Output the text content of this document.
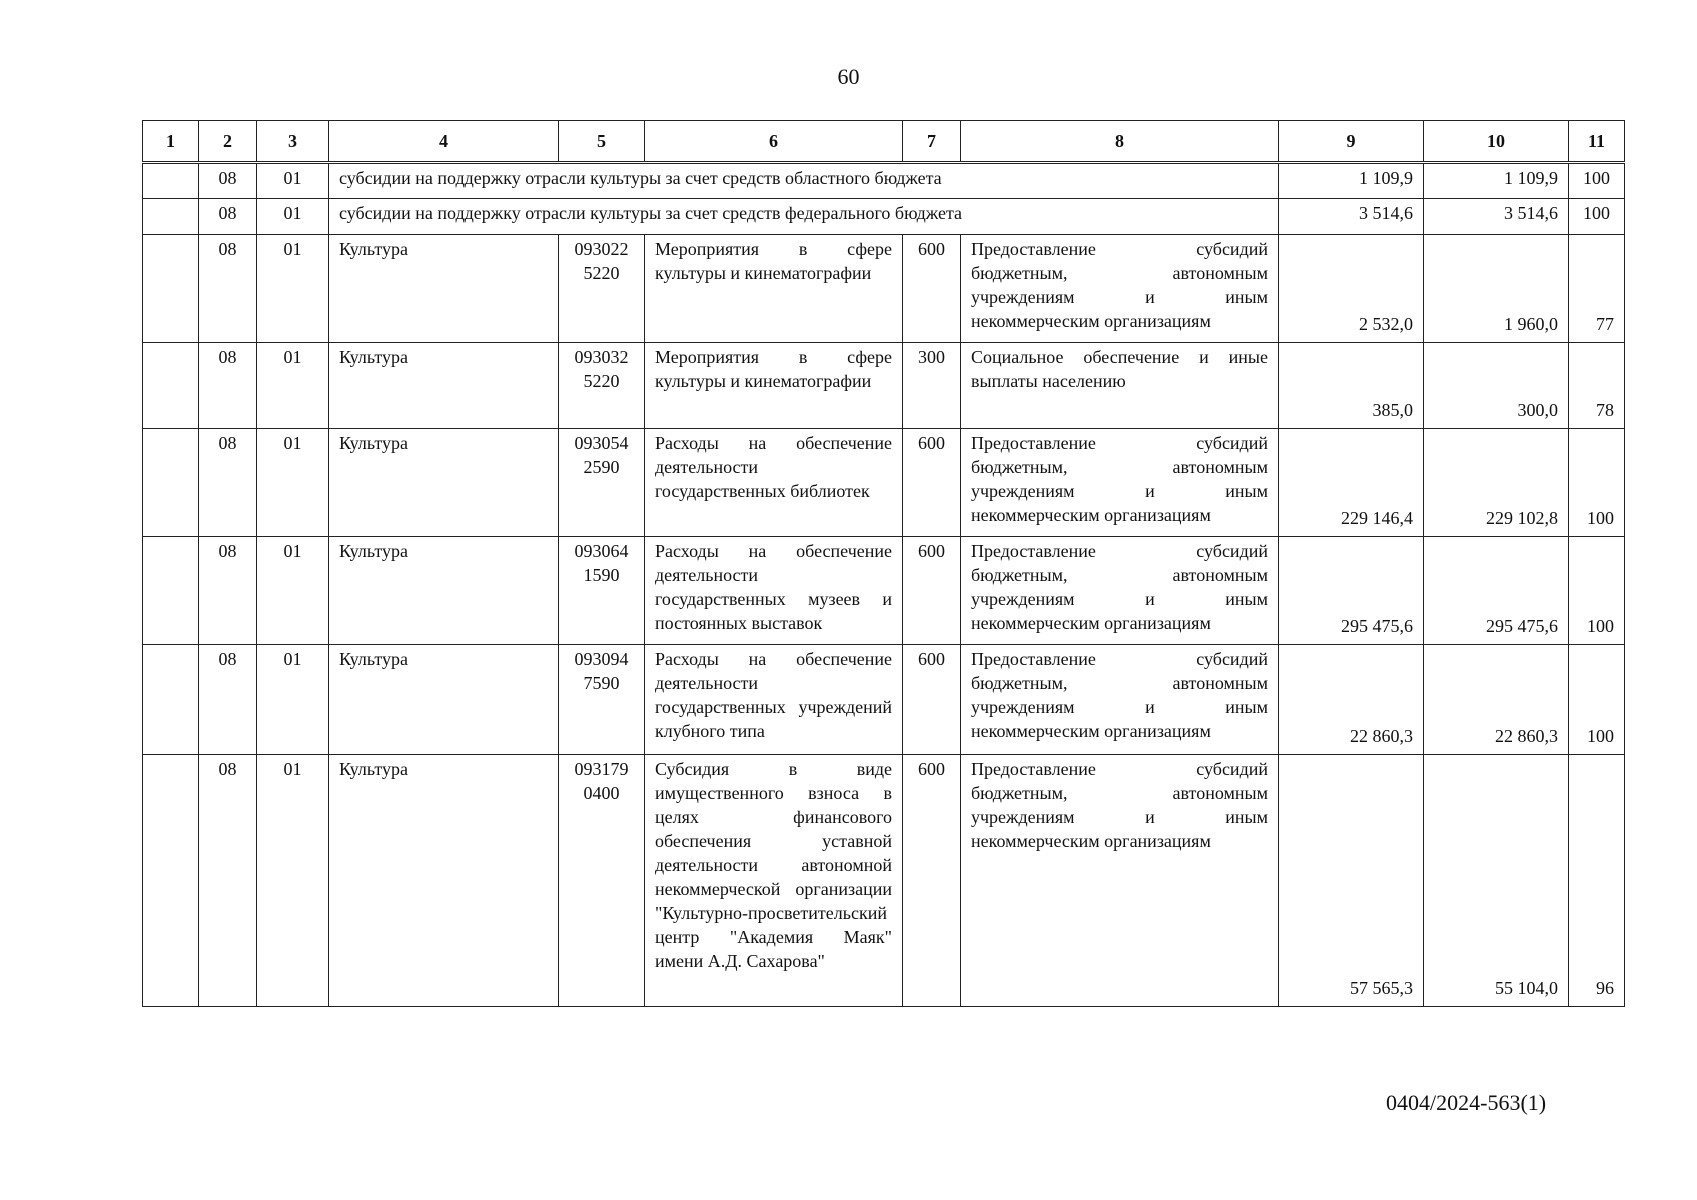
60
1	2	3	4	5	6	7	8	9	10	11
	08	01	субсидии на поддержку отрасли культуры за счет средств областного бюджета					1 109,9	1 109,9	100
	08	01	субсидии на поддержку отрасли культуры за счет средств федерального бюджета					3 514,6	3 514,6	100
	08	01	Культура	093022 5220	Мероприятия в сфере культуры и кинематографии	600	Предоставление субсидий бюджетным, автономным учреждениям и иным некоммерческим организациям	2 532,0	1 960,0	77
	08	01	Культура	093032 5220	Мероприятия в сфере культуры и кинематографии	300	Социальное обеспечение и иные выплаты населению	385,0	300,0	78
	08	01	Культура	093054 2590	Расходы на обеспечение деятельности государственных библиотек	600	Предоставление субсидий бюджетным, автономным учреждениям и иным некоммерческим организациям	229 146,4	229 102,8	100
	08	01	Культура	093064 1590	Расходы на обеспечение деятельности государственных музеев и постоянных выставок	600	Предоставление субсидий бюджетным, автономным учреждениям и иным некоммерческим организациям	295 475,6	295 475,6	100
	08	01	Культура	093094 7590	Расходы на обеспечение деятельности государственных учреждений клубного типа	600	Предоставление субсидий бюджетным, автономным учреждениям и иным некоммерческим организациям	22 860,3	22 860,3	100
	08	01	Культура	093179 0400	Субсидия в виде имущественного взноса в целях финансового обеспечения уставной деятельности автономной некоммерческой организации "Культурно-просветительский центр "Академия Маяк" имени А.Д. Сахарова"	600	Предоставление субсидий бюджетным, автономным учреждениям и иным некоммерческим организациям	57 565,3	55 104,0	96
0404/2024-563(1)
